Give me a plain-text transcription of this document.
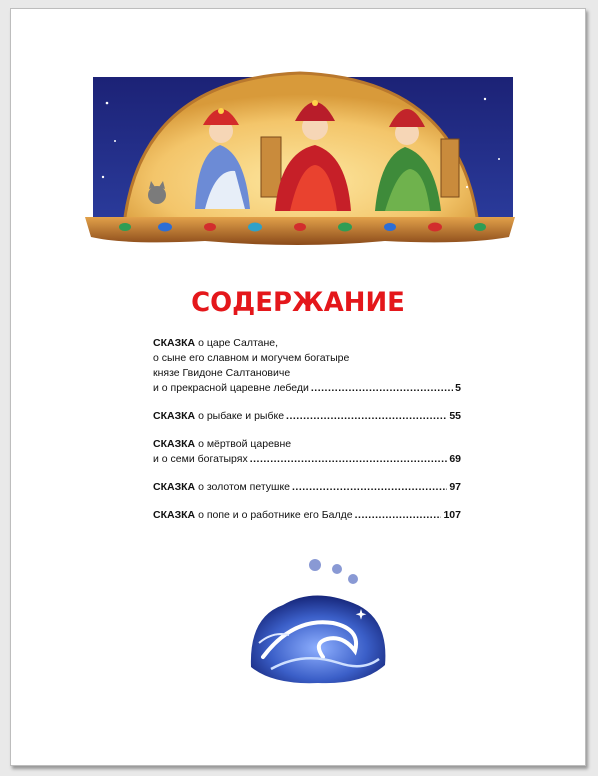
СОДЕРЖАНИЕ
СКАЗКА
о царе Салтане,
о сыне его славном и могучем богатыре
князе Гвидоне Салтановиче
и о прекрасной царевне лебеди .....	5
СКАЗКА
о рыбаке и рыбке .....	55
СКАЗКА
о мёртвой царевне
и о семи богатырях .....	69
СКАЗКА
о золотом петушке .....	97
СКАЗКА
о попе и о работнике его Балде .....	107
